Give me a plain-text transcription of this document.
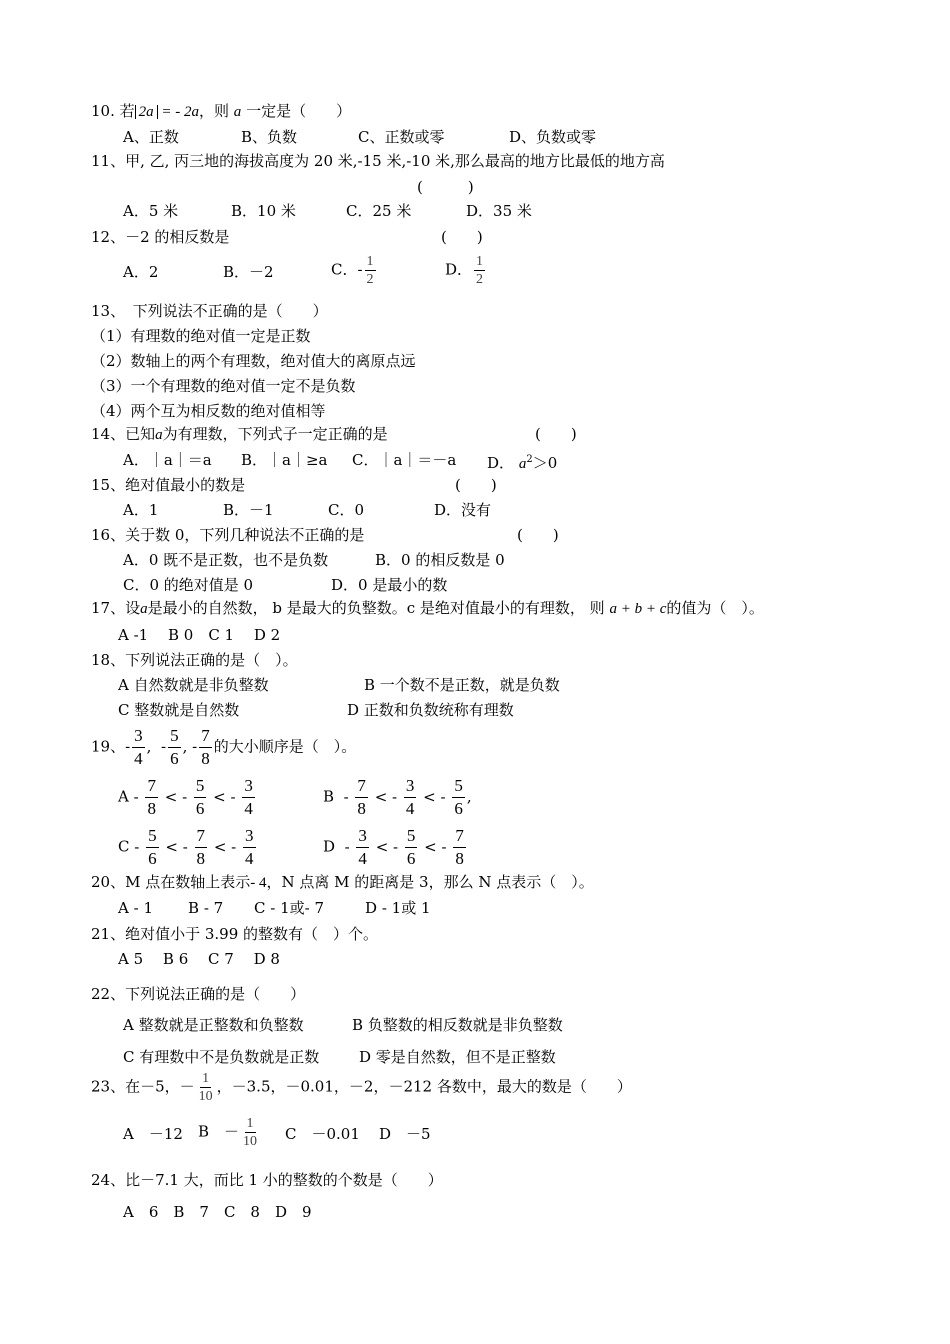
10. 若 2a = - 2a，则 a 一定是（　　）
A、正数	B、负数	C、正数或零	D、负数或零
11、甲, 乙, 丙三地的海拔高度为 20 米,-15 米,-10 米,那么最高的地方比最低的地方高
(　　　)
A．5 米	B．10 米	C．25 米	D．35 米
12、－2 的相反数是	(　　)
A．2	B．－2	C．- $\frac{1}{2}$	D． $\frac{1}{2}$
13、　下列说法不正确的是（　　）
（1）有理数的绝对值一定是正数
（2）数轴上的两个有理数，绝对值大的离原点远
（3）一个有理数的绝对值一定不是负数
（4）两个互为相反数的绝对值相等
14、已知a为有理数，下列式子一定正确的是	(　　)
A．｜a｜＝a B．｜a｜≥a C．｜a｜＝－a D． $a^2>0$
15、绝对值最小的数是	(　　)
A．1	B．－1	C．0	D．没有
16、关于数 0，下列几种说法不正确的是	(　　)
A．0 既不是正数，也不是负数	B．0 的相反数是 0
C．0 的绝对值是 0	D．0 是最小的数
17、设a是最小的自然数， b 是最大的负整数。c 是绝对值最小的有理数， 则 a + b + c的值为（　）。
A -1　 B 0　C 1　 D 2
18、下列说法正确的是（　）。
A 自然数就是非负整数	B 一个数不是正数，就是负数
C 整数就是自然数	D 正数和负数统称有理数
19、- $\frac{3}{4}$ ,  - $\frac{5}{6}$ , - $\frac{7}{8}$ 的大小顺序是（　）。
A - $\frac{7}{8}$ < - $\frac{5}{6}$ < - $\frac{3}{4}$	B  - $\frac{7}{8}$ < - $\frac{3}{4}$ < - $\frac{5}{6}$ ,
C - $\frac{5}{6}$ < - $\frac{7}{8}$ < - $\frac{3}{4}$	D  - $\frac{3}{4}$ < - $\frac{5}{6}$ < - $\frac{7}{8}$
20、M 点在数轴上表示- 4，N 点离 M 的距离是 3，那么 N 点表示（　）。
A - 1 B - 7 C - 1或- 7	D - 1或 1
21、绝对值小于 3.99 的整数有（　）个。
A 5　 B 6　 C 7　 D 8
22、下列说法正确的是（　　）
A 整数就是正整数和负整数	B 负整数的相反数就是非负整数
C 有理数中不是负数就是正数	D 零是自然数，但不是正整数
23、在－5，－ $\frac{1}{10}$ ，－3.5，－0.01，－2，－212 各数中，最大的数是（　　）
A　－12 B　－ $\frac{1}{10}$ C　－0.01 D　－5
24、比－7.1 大，而比 1 小的整数的个数是（　　）
A　6　B　7　C　8　D　9
